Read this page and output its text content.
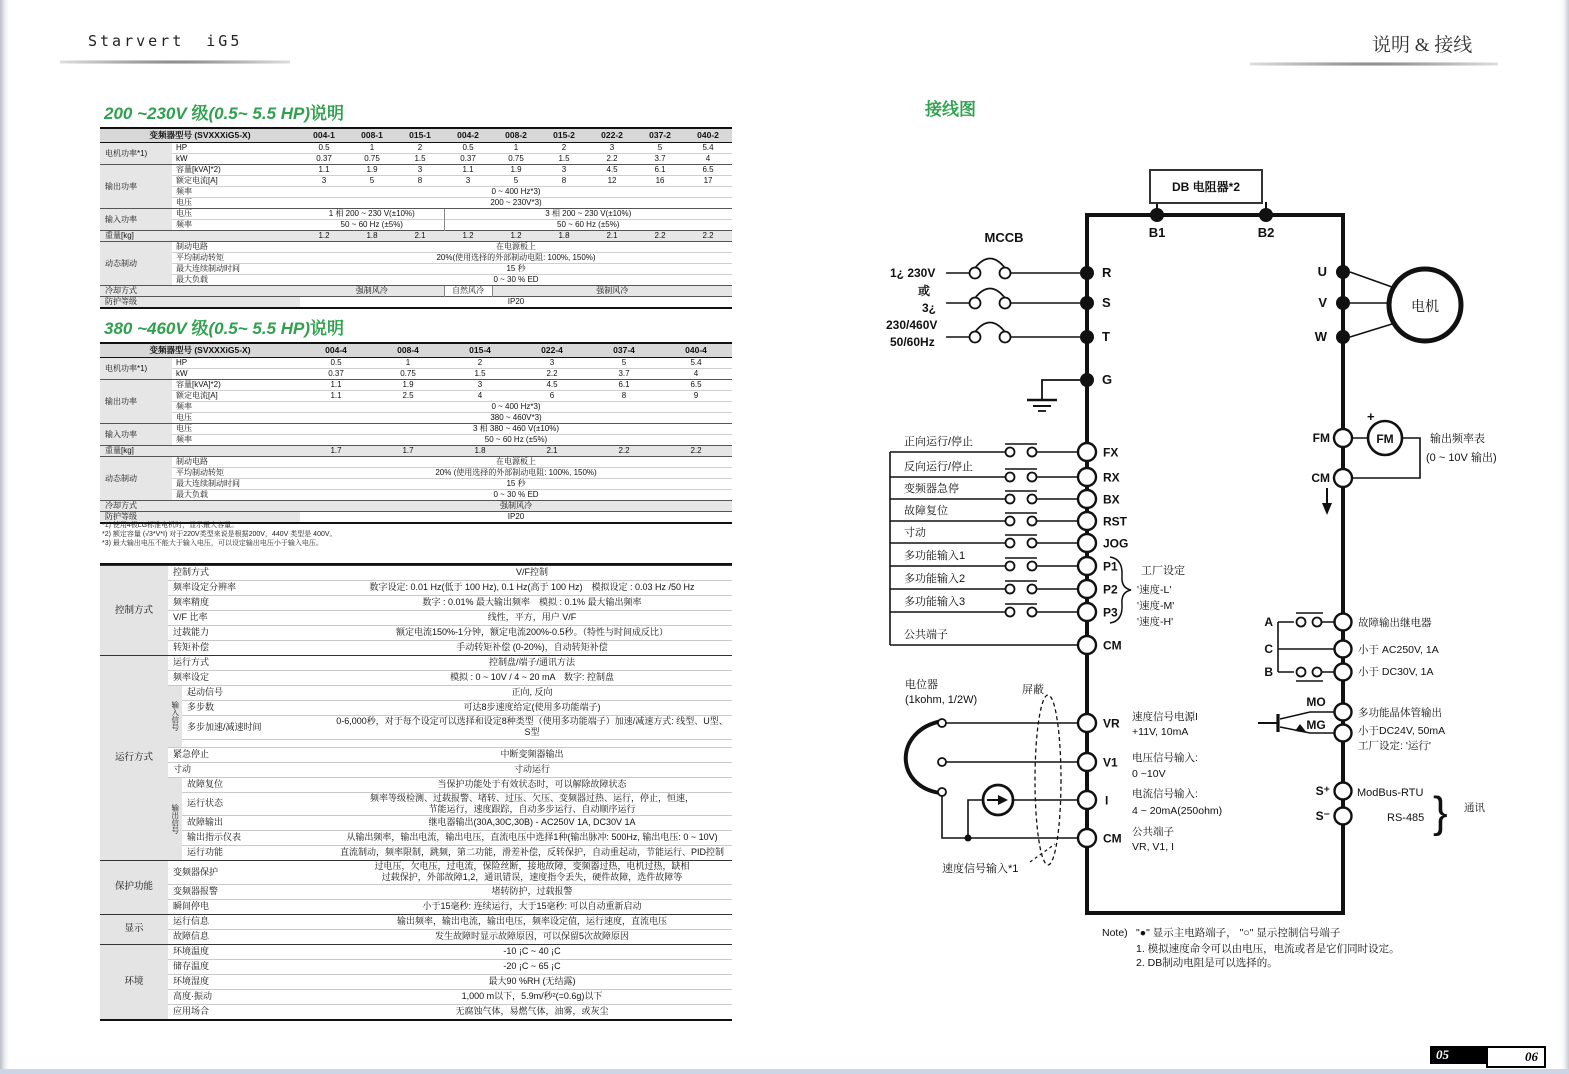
Starvert iG5	说明 & 接线
200 ~230V 级(0.5~ 5.5 HP)说明
变频器型号 (SVXXXiG5-X)		004-1	008-1	015-1	004-2	008-2	015-2	022-2	037-2	040-2

电机功率*1)	HP	0.5	1	2	0.5	1	2	3	5	5.4

	kW	0.37	0.75	1.5	0.37	0.75	1.5	2.2	3.7	4

输出功率	容量[kVA]*2)	1.1	1.9	3	1.1	1.9	3	4.5	6.1	6.5

	额定电流[A]	3	5	8	3	5	8	12	16	17

	频率	0 ~ 400 Hz*3)								

	电压	200 ~ 230V*3)								

输入功率	电压	1 相 200 ~ 230 V(±10%)			3 相 200 ~ 230 V(±10%)					

	频率	50 ~ 60 Hz (±5%)			50 ~ 60 Hz (±5%)					

重量[kg]		1.2	1.8	2.1	1.2	1.2	1.8	2.1	2.2	2.2

动态制动	制动电路	在电源板上								

	平均制动转矩	20%(使用选择的外部制动电阻: 100%, 150%)								

	最大连续制动时间	15 秒								

	最大负载	0 ~ 30 % ED								

冷却方式		强制风冷			自然风冷	强制风冷				

防护等级		IP20								
380 ~460V 级(0.5~ 5.5 HP)说明
变频器型号 (SVXXXiG5-X)		004-4	008-4	015-4	022-4	037-4	040-4

电机功率*1)	HP	0.5	1	2	3	5	5.4

	kW	0.37	0.75	1.5	2.2	3.7	4

输出功率	容量[kVA]*2)	1.1	1.9	3	4.5	6.1	6.5

	额定电流[A]	1.1	2.5	4	6	8	9

	频率	0 ~ 400 Hz*3)					

	电压	380 ~ 460V*3)					

输入功率	电压	3 相 380 ~ 460 V(±10%)					

	频率	50 ~ 60 Hz (±5%)					

重量[kg]		1.7	1.7	1.8	2.1	2.2	2.2

动态制动	制动电路	在电源板上					

	平均制动转矩	20% (使用选择的外部制动电阻: 100%, 150%)					

	最大连续制动时间	15 秒					

	最大负载	0 ~ 30 % ED					

冷却方式		强制风冷					

防护等级		IP20					
*1) 使用4极LG标准电机时，显示最大容量。
*2) 额定容量 (√3*V*I) 对于220V类型来说是根据200V，440V 类型是 400V。
*3) 最大输出电压不能大于输入电压，可以设定输出电压小于输入电压。
控制方式	控制方式		V/F控制

	频率设定分辨率		数字设定: 0.01 Hz(低于 100 Hz), 0.1 Hz(高于 100 Hz)　模拟设定 : 0.03 Hz /50 Hz

	频率精度		数字 : 0.01% 最大输出频率　模拟 : 0.1% 最大输出频率

	V/F 比率		线性，平方，用户 V/F

	过载能力		额定电流150%-1分钟，额定电流200%-0.5秒。（特性与时间成反比）

	转矩补偿		手动转矩补偿 (0-20%)，自动转矩补偿

运行方式	运行方式		控制盘/端子/通讯方法

	频率设定		模拟 : 0 ~ 10V / 4 ~ 20 mA　数字: 控制盘

	输入信号	起动信号	正向, 反向

		多步数	可达8步速度给定(使用多功能端子)

		多步加速/减速时间	0-6,000秒，对于每个设定可以选择和设定8种类型（使用多功能端子）加速/减速方式: 线型、U型、S型

	紧急停止		中断变频器输出

	寸动		寸动运行

	输出信号	故障复位	当保护功能处于有效状态时，可以解除故障状态

		运行状态	频率等级检测、过载报警、堵转、过压、欠压、变频器过热、运行，停止，恒速，
节能运行，速度跟踪，自动多步运行、自动顺序运行

		故障输出	继电器输出(30A,30C,30B) - AC250V 1A, DC30V 1A

		输出指示仪表	从输出频率，输出电流，输出电压，直流电压中选择1种(输出脉冲: 500Hz, 输出电压: 0 ~ 10V)

		运行功能	直流制动，频率限制，跳频，第二功能，滑差补偿，反转保护，自动重起动，节能运行、PID控制

保护功能	变频器保护		过电压，欠电压，过电流，保险丝断，接地故障，变频器过热，电机过热，缺相
过载保护，外部故障1,2，通讯错误，速度指令丢失，硬件故障，选件故障等

	变频器报警		堵转防护，过载报警

	瞬间停电		小于15毫秒: 连续运行，大于15毫秒: 可以自动重新启动

显示	运行信息		输出频率，输出电流，输出电压，频率设定值，运行速度，直流电压

	故障信息		发生故障时显示故障原因，可以保留5次故障原因

环境	环境温度		-10 ¡C ~ 40 ¡C

	储存温度		-20 ¡C ~ 65 ¡C

	环境湿度		最大90 %RH (无结露)

	高度·振动		1,000 m以下，5.9m/秒²(=0.6g)以下

	应用场合		无腐蚀气体，易燃气体，油雾，或灰尘
接线图
DB 电阻器*2
B1	B2
MCCB
1¿ 230V
或
3¿
230/460V
50/60Hz
R
S
T
G
U
V
W
电机
正向运行/停止
FX
反向运行/停止
RX
变频器急停
BX
故障复位
RST
寸动
JOG
多功能输入1
P1
多功能输入2
P2
多功能输入3
P3
公共端子
CM
工厂设定
'速度-L'
'速度-M'
'速度-H'
电位器
(1kohm, 1/2W)
屏蔽
速度信号输入*1
VR 速度信号电源I
+11V, 10mA
V1 电压信号输入:
0 ~10V
I 电流信号输入:
4 ~ 20mA(250ohm)
CM 公共端子
VR, V1, I
FM	FM
+
CM
输出频率表
(0 ~ 10V 输出)
A
C
B
故障输出继电器
小于 AC250V, 1A
小于 DC30V, 1A
MO
MG
多功能晶体管输出
小于DC24V, 50mA
工厂设定: '运行'
S⁺
S⁻
ModBus-RTU
RS-485 } 通讯
Note) "●" 显示主电路端子， "○" 显示控制信号端子
1. 模拟速度命令可以由电压，电流或者是它们同时设定。
2. DB制动电阻是可以选择的。
05	06
